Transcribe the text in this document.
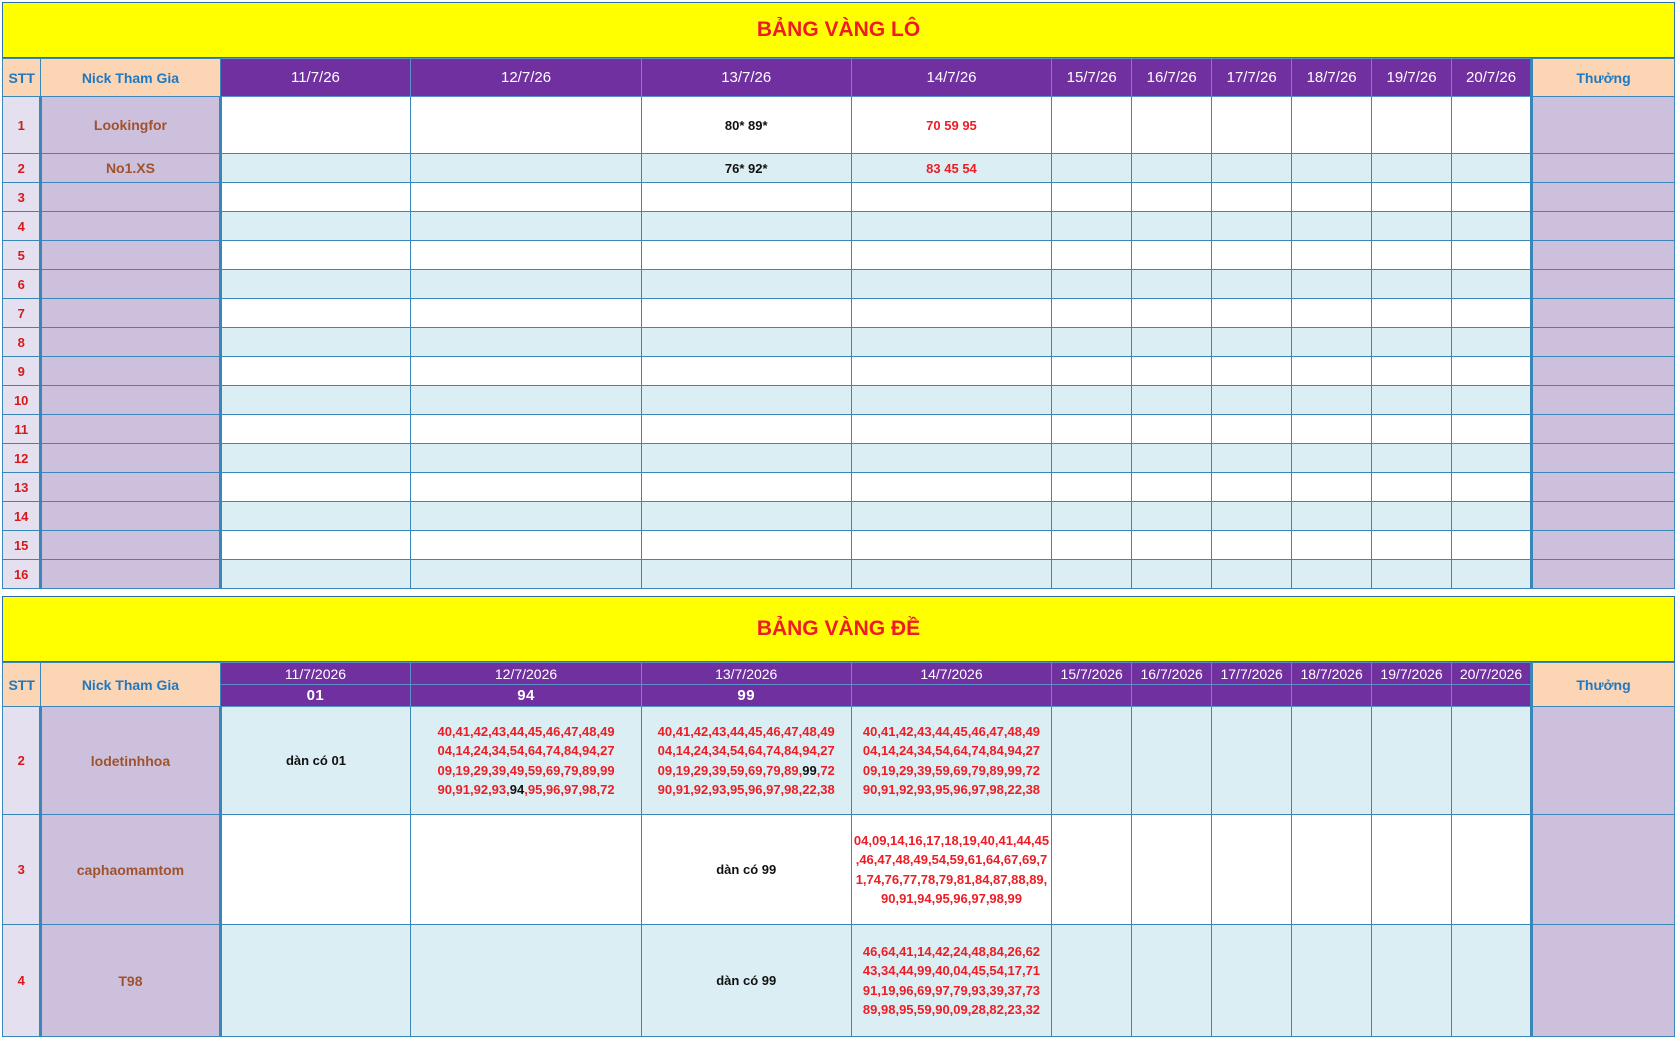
BẢNG VÀNG LÔ
STT	Nick Tham Gia	11/7/26	12/7/26	13/7/26	14/7/26	15/7/26	16/7/26	17/7/26	18/7/26	19/7/26	20/7/26	Thưởng
1	Lookingfor			80* 89*	70 59 95							
2	No1.XS			76* 92*	83 45 54							
3												
4												
5												
6												
7												
8												
9												
10												
11												
12												
13												
14												
15												
16												
BẢNG VÀNG ĐỀ
STT	Nick Tham Gia	11/7/2026	12/7/2026	13/7/2026	14/7/2026	15/7/2026	16/7/2026	17/7/2026	18/7/2026	19/7/2026	20/7/2026	Thưởng
		01	94	99								
2	lodetinhhoa	dàn có 01	40,41,42,43,44,45,46,47,48,49
04,14,24,34,54,64,74,84,94,27
09,19,29,39,49,59,69,79,89,99
90,91,92,93,94,95,96,97,98,72	40,41,42,43,44,45,46,47,48,49
04,14,24,34,54,64,74,84,94,27
09,19,29,39,59,69,79,89,99,72
90,91,92,93,95,96,97,98,22,38	40,41,42,43,44,45,46,47,48,49
04,14,24,34,54,64,74,84,94,27
09,19,29,39,59,69,79,89,99,72
90,91,92,93,95,96,97,98,22,38							

3	caphaomamtom			dàn có 99	04,09,14,16,17,18,19,40,41,44,45
,46,47,48,49,54,59,61,64,67,69,7
1,74,76,77,78,79,81,84,87,88,89,
90,91,94,95,96,97,98,99							

4	T98			dàn có 99	46,64,41,14,42,24,48,84,26,62
43,34,44,99,40,04,45,54,17,71
91,19,96,69,97,79,93,39,37,73
89,98,95,59,90,09,28,82,23,32							
